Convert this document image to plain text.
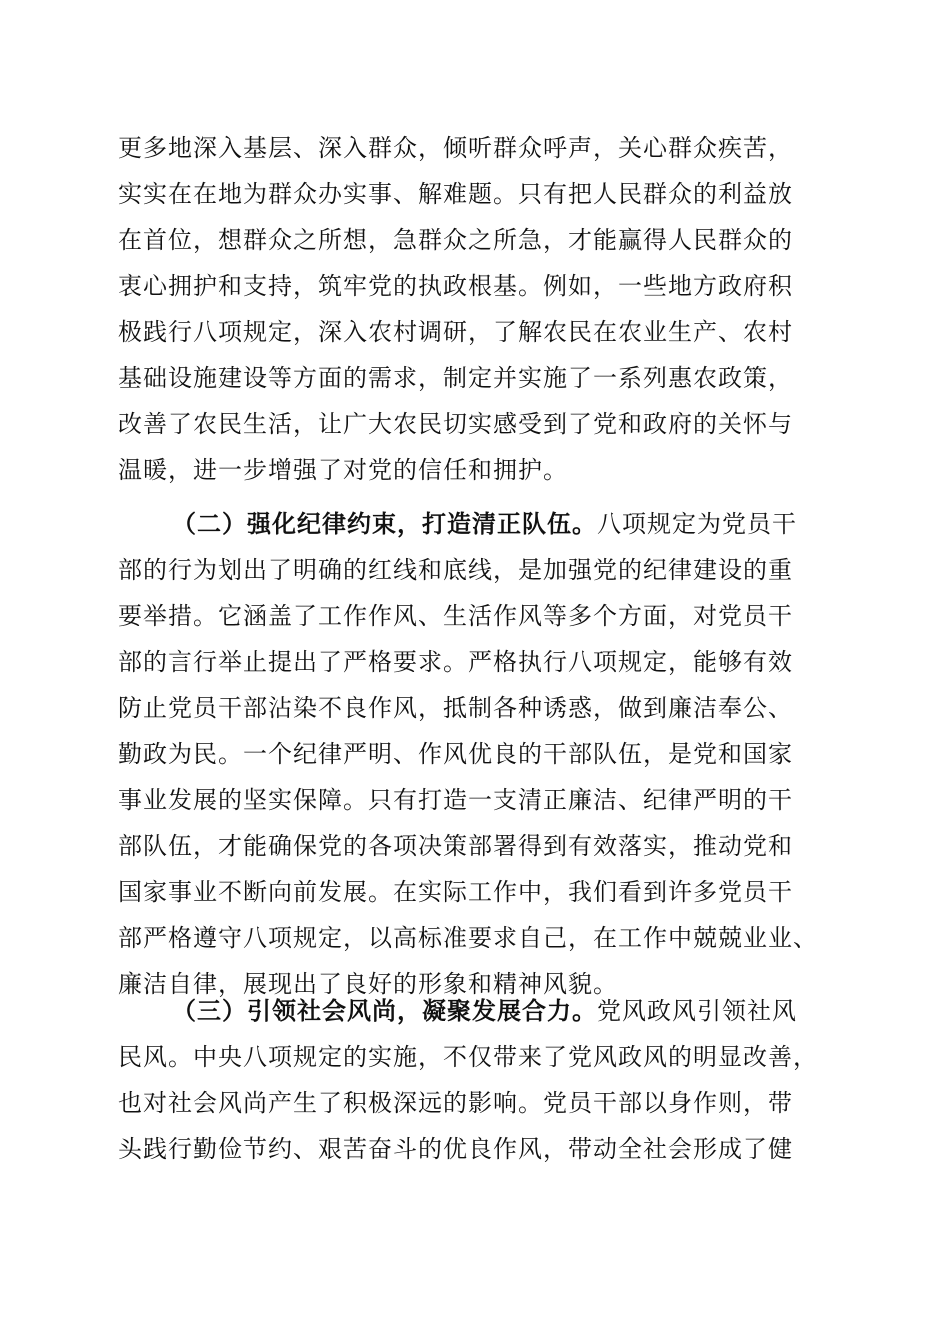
更多地深入基层、深入群众，倾听群众呼声，关心群众疾苦，
实实在在地为群众办实事、解难题。只有把人民群众的利益放
在首位，想群众之所想，急群众之所急，才能赢得人民群众的
衷心拥护和支持，筑牢党的执政根基。例如，一些地方政府积
极践行八项规定，深入农村调研，了解农民在农业生产、农村
基础设施建设等方面的需求，制定并实施了一系列惠农政策，
改善了农民生活，让广大农民切实感受到了党和政府的关怀与
温暖，进一步增强了对党的信任和拥护。
（二）强化纪律约束，打造清正队伍。八项规定为党员干
部的行为划出了明确的红线和底线，是加强党的纪律建设的重
要举措。它涵盖了工作作风、生活作风等多个方面，对党员干
部的言行举止提出了严格要求。严格执行八项规定，能够有效
防止党员干部沾染不良作风，抵制各种诱惑，做到廉洁奉公、
勤政为民。一个纪律严明、作风优良的干部队伍，是党和国家
事业发展的坚实保障。只有打造一支清正廉洁、纪律严明的干
部队伍，才能确保党的各项决策部署得到有效落实，推动党和
国家事业不断向前发展。在实际工作中，我们看到许多党员干
部严格遵守八项规定，以高标准要求自己，在工作中兢兢业业、
廉洁自律，展现出了良好的形象和精神风貌。
（三）引领社会风尚，凝聚发展合力。党风政风引领社风
民风。中央八项规定的实施，不仅带来了党风政风的明显改善，
也对社会风尚产生了积极深远的影响。党员干部以身作则，带
头践行勤俭节约、艰苦奋斗的优良作风，带动全社会形成了健
